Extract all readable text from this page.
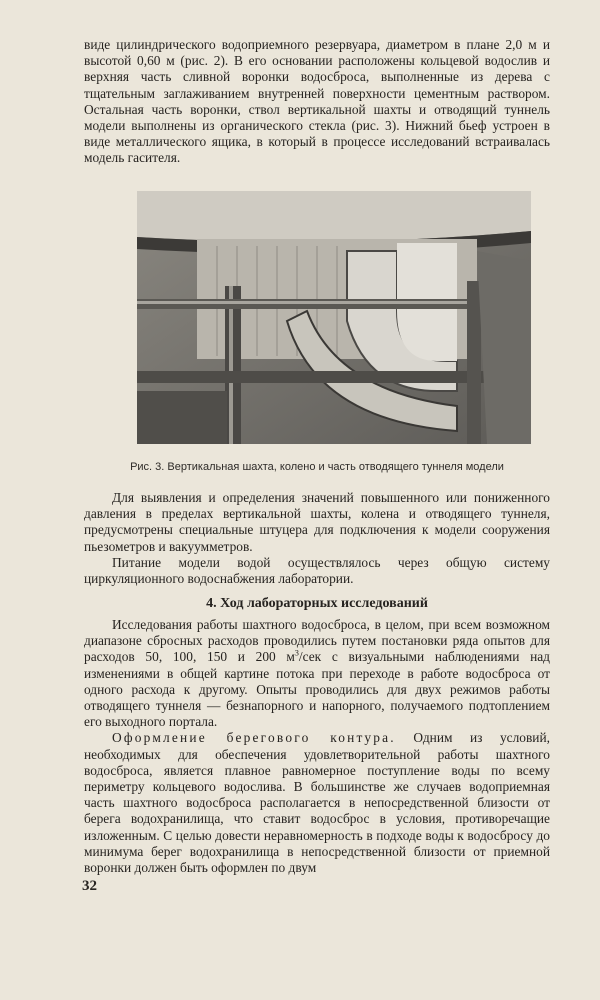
виде цилиндрического водоприемного резервуара, диаметром в плане 2,0 м и высотой 0,60 м (рис. 2). В его основании расположены кольцевой водослив и верхняя часть сливной воронки водосброса, выполненные из дерева с тщательным заглаживанием внутренней поверхности цементным раствором. Остальная часть воронки, ствол вертикальной шахты и отводящий туннель модели выполнены из органического стекла (рис. 3). Нижний бьеф устроен в виде металлического ящика, в который в процессе исследований встраивалась модель гасителя.

Рис. 3. Вертикальная шахта, колено и часть отводящего туннеля модели

Для выявления и определения значений повышенного или пониженного давления в пределах вертикальной шахты, колена и отводящего туннеля, предусмотрены специальные штуцера для подключения к модели сооружения пьезометров и вакуумметров.

Питание модели водой осуществлялось через общую систему циркуляционного водоснабжения лаборатории.

4. Ход лабораторных исследований

Исследования работы шахтного водосброса, в целом, при всем возможном диапазоне сбросных расходов проводились путем постановки ряда опытов для расходов 50, 100, 150 и 200 $м^3$/сек с визуальными наблюдениями над изменениями в общей картине потока при переходе в работе водосброса от одного расхода к другому. Опыты проводились для двух режимов работы отводящего туннеля — безнапорного и напорного, получаемого подтоплением его выходного портала.

Оформление берегового контура. Одним из условий, необходимых для обеспечения удовлетворительной работы шахтного водосброса, является плавное равномерное поступление воды по всему периметру кольцевого водослива. В большинстве же случаев водоприемная часть шахтного водосброса располагается в непосредственной близости от берега водохранилища, что ставит водосброс в условия, противоречащие изложенным. С целью довести неравномерность в подходе воды к водосбросу до минимума берег водохранилища в непосредственной близости от приемной воронки должен быть оформлен по двум

32
